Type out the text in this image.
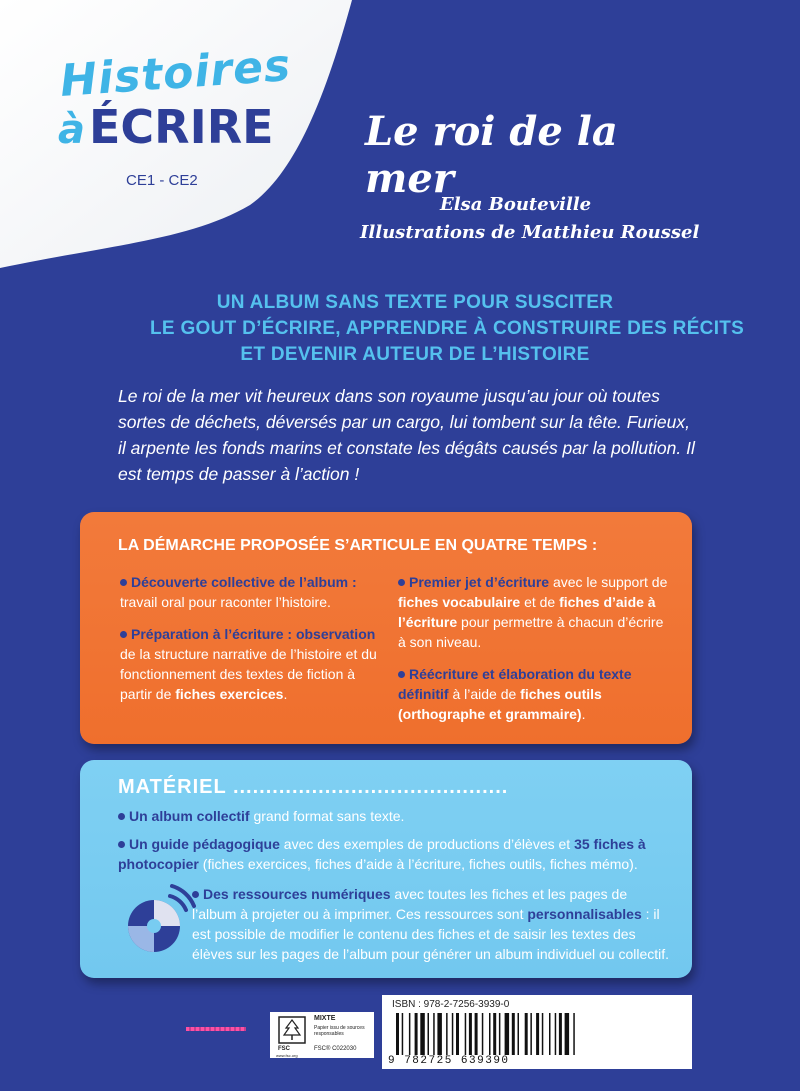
Histoires
àÉCRIRE
CE1 - CE2
Le roi de la mer
Elsa Bouteville
Illustrations de Matthieu Roussel
UN ALBUM SANS TEXTE POUR SUSCITER
LE GOUT D’ÉCRIRE, APPRENDRE À CONSTRUIRE DES RÉCITS
ET DEVENIR AUTEUR DE L’HISTOIRE
Le roi de la mer vit heureux dans son royaume jusqu’au jour où toutes sortes de déchets, déversés par un cargo, lui tombent sur la tête. Furieux, il arpente les fonds marins et constate les dégâts causés par la pollution. Il est temps de passer à l’action !
LA DÉMARCHE PROPOSÉE S’ARTICULE EN QUATRE TEMPS :

Découverte collective de l’album : travail oral pour raconter l’histoire.

Préparation à l’écriture : observation de la structure narrative de l’histoire et du fonctionnement des textes de fiction à partir de fiches exercices.

Premier jet d’écriture avec le support de fiches vocabulaire et de fiches d’aide à l’écriture pour permettre à chacun d’écrire à son niveau.

Réécriture et élaboration du texte définitif à l’aide de fiches outils (orthographe et grammaire).

MATÉRIEL ..........................................
Un album collectif grand format sans texte.
Un guide pédagogique avec des exemples de productions d’élèves et 35 fiches à photocopier (fiches exercices, fiches d’aide à l’écriture, fiches outils, fiches mémo).
Des ressources numériques avec toutes les fiches et les pages de l’album à projeter ou à imprimer. Ces ressources sont personnalisables : il est possible de modifier le contenu des fiches et de saisir les textes des élèves sur les pages de l’album pour générer un album individuel ou collectif.
FSC
www.fsc.org
MIXTE
Papier issu de sources responsables
FSC® C022030
ISBN : 978-2-7256-3939-0
9 782725 639390
